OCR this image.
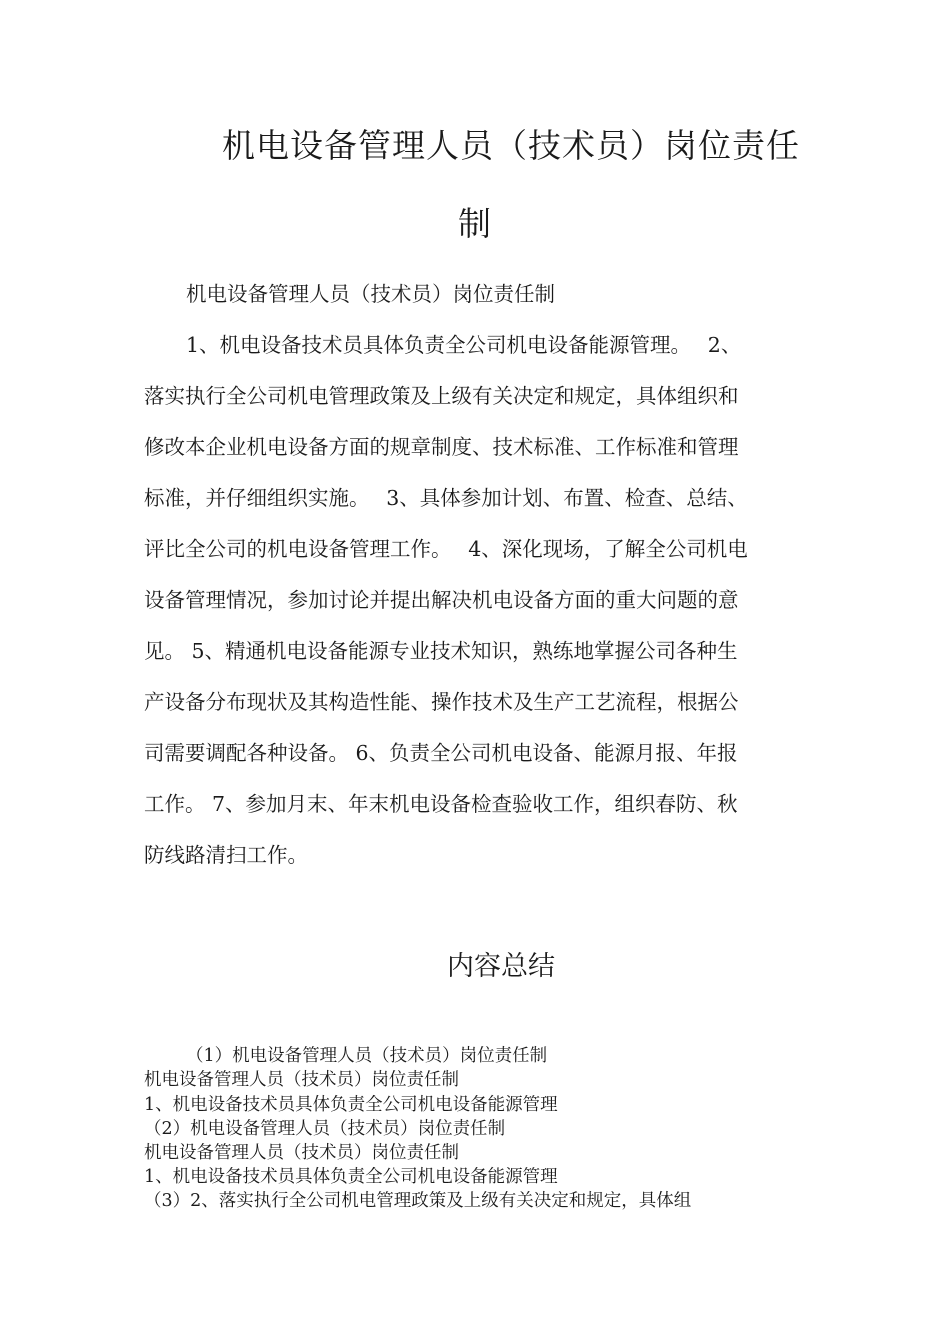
机电设备管理人员（技术员）岗位责任
制
机电设备管理人员（技术员）岗位责任制
1、机电设备技术员具体负责全公司机电设备能源管理。　 2、
落实执行全公司机电管理政策及上级有关决定和规定，具体组织和
修改本企业机电设备方面的规章制度、技术标准、工作标准和管理
标准，并仔细组织实施。　 3、具体参加计划、布置、检查、总结、
评比全公司的机电设备管理工作。　 4、深化现场，了解全公司机电
设备管理情况，参加讨论并提出解决机电设备方面的重大问题的意
见。 5、精通机电设备能源专业技术知识，熟练地掌握公司各种生
产设备分布现状及其构造性能、操作技术及生产工艺流程，根据公
司需要调配各种设备。 6、负责全公司机电设备、能源月报、年报
工作。 7、参加月末、年末机电设备检查验收工作，组织春防、秋
防线路清扫工作。
内容总结
（1）机电设备管理人员（技术员）岗位责任制
机电设备管理人员（技术员）岗位责任制
1、机电设备技术员具体负责全公司机电设备能源管理
（2）机电设备管理人员（技术员）岗位责任制
机电设备管理人员（技术员）岗位责任制
1、机电设备技术员具体负责全公司机电设备能源管理
（3）2、落实执行全公司机电管理政策及上级有关决定和规定，具体组
